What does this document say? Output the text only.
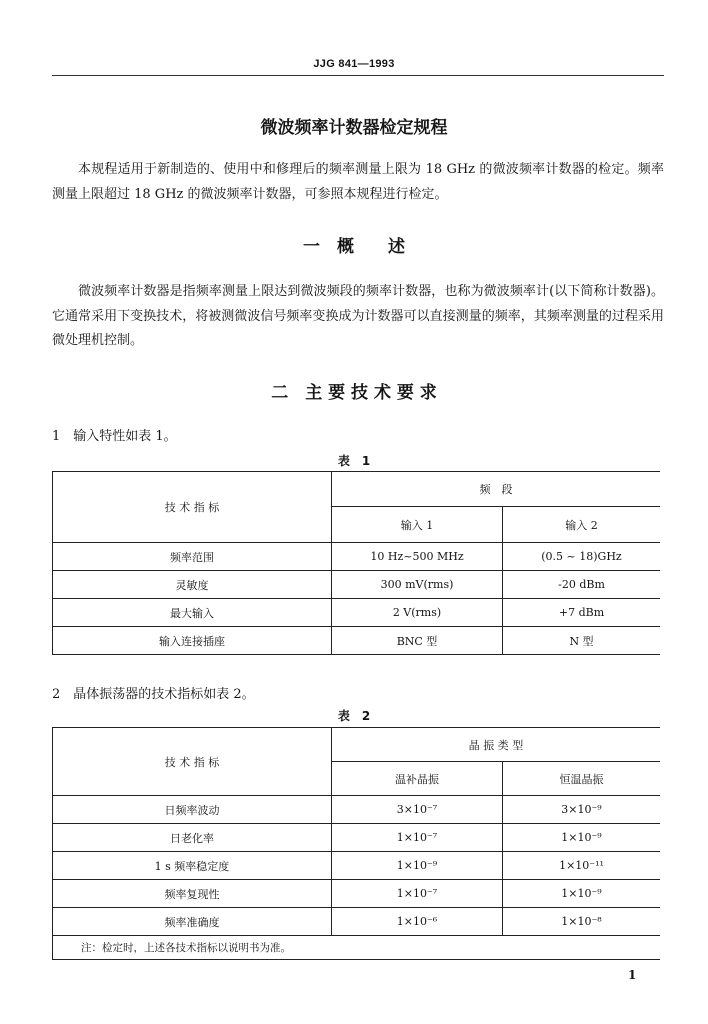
JJG 841—1993
微波频率计数器检定规程
本规程适用于新制造的、使用中和修理后的频率测量上限为 18 GHz 的微波频率计数器的检定。频率测量上限超过 18 GHz 的微波频率计数器，可参照本规程进行检定。
一　概　　述
微波频率计数器是指频率测量上限达到微波频段的频率计数器，也称为微波频率计(以下简称计数器)。它通常采用下变换技术，将被测微波信号频率变换成为计数器可以直接测量的频率，其频率测量的过程采用微处理机控制。
二　主 要 技 术 要 求
1　输入特性如表 1。
表　1
技 术 指 标	频　段	
	输入 1	输入 2
频率范围	10 Hz~500 MHz	(0.5 ~ 18)GHz
灵敏度	300 mV(rms)	-20 dBm
最大输入	2 V(rms)	+7 dBm
输入连接插座	BNC 型	N 型
2　晶体振荡器的技术指标如表 2。
表　2
技 术 指 标	晶 振 类 型	
	温补晶振	恒温晶振
日频率波动	3×10⁻⁷	3×10⁻⁹
日老化率	1×10⁻⁷	1×10⁻⁹
1 s 频率稳定度	1×10⁻⁹	1×10⁻¹¹
频率复现性	1×10⁻⁷	1×10⁻⁹
频率准确度	1×10⁻⁶	1×10⁻⁸
注：检定时，上述各技术指标以说明书为准。		
1
